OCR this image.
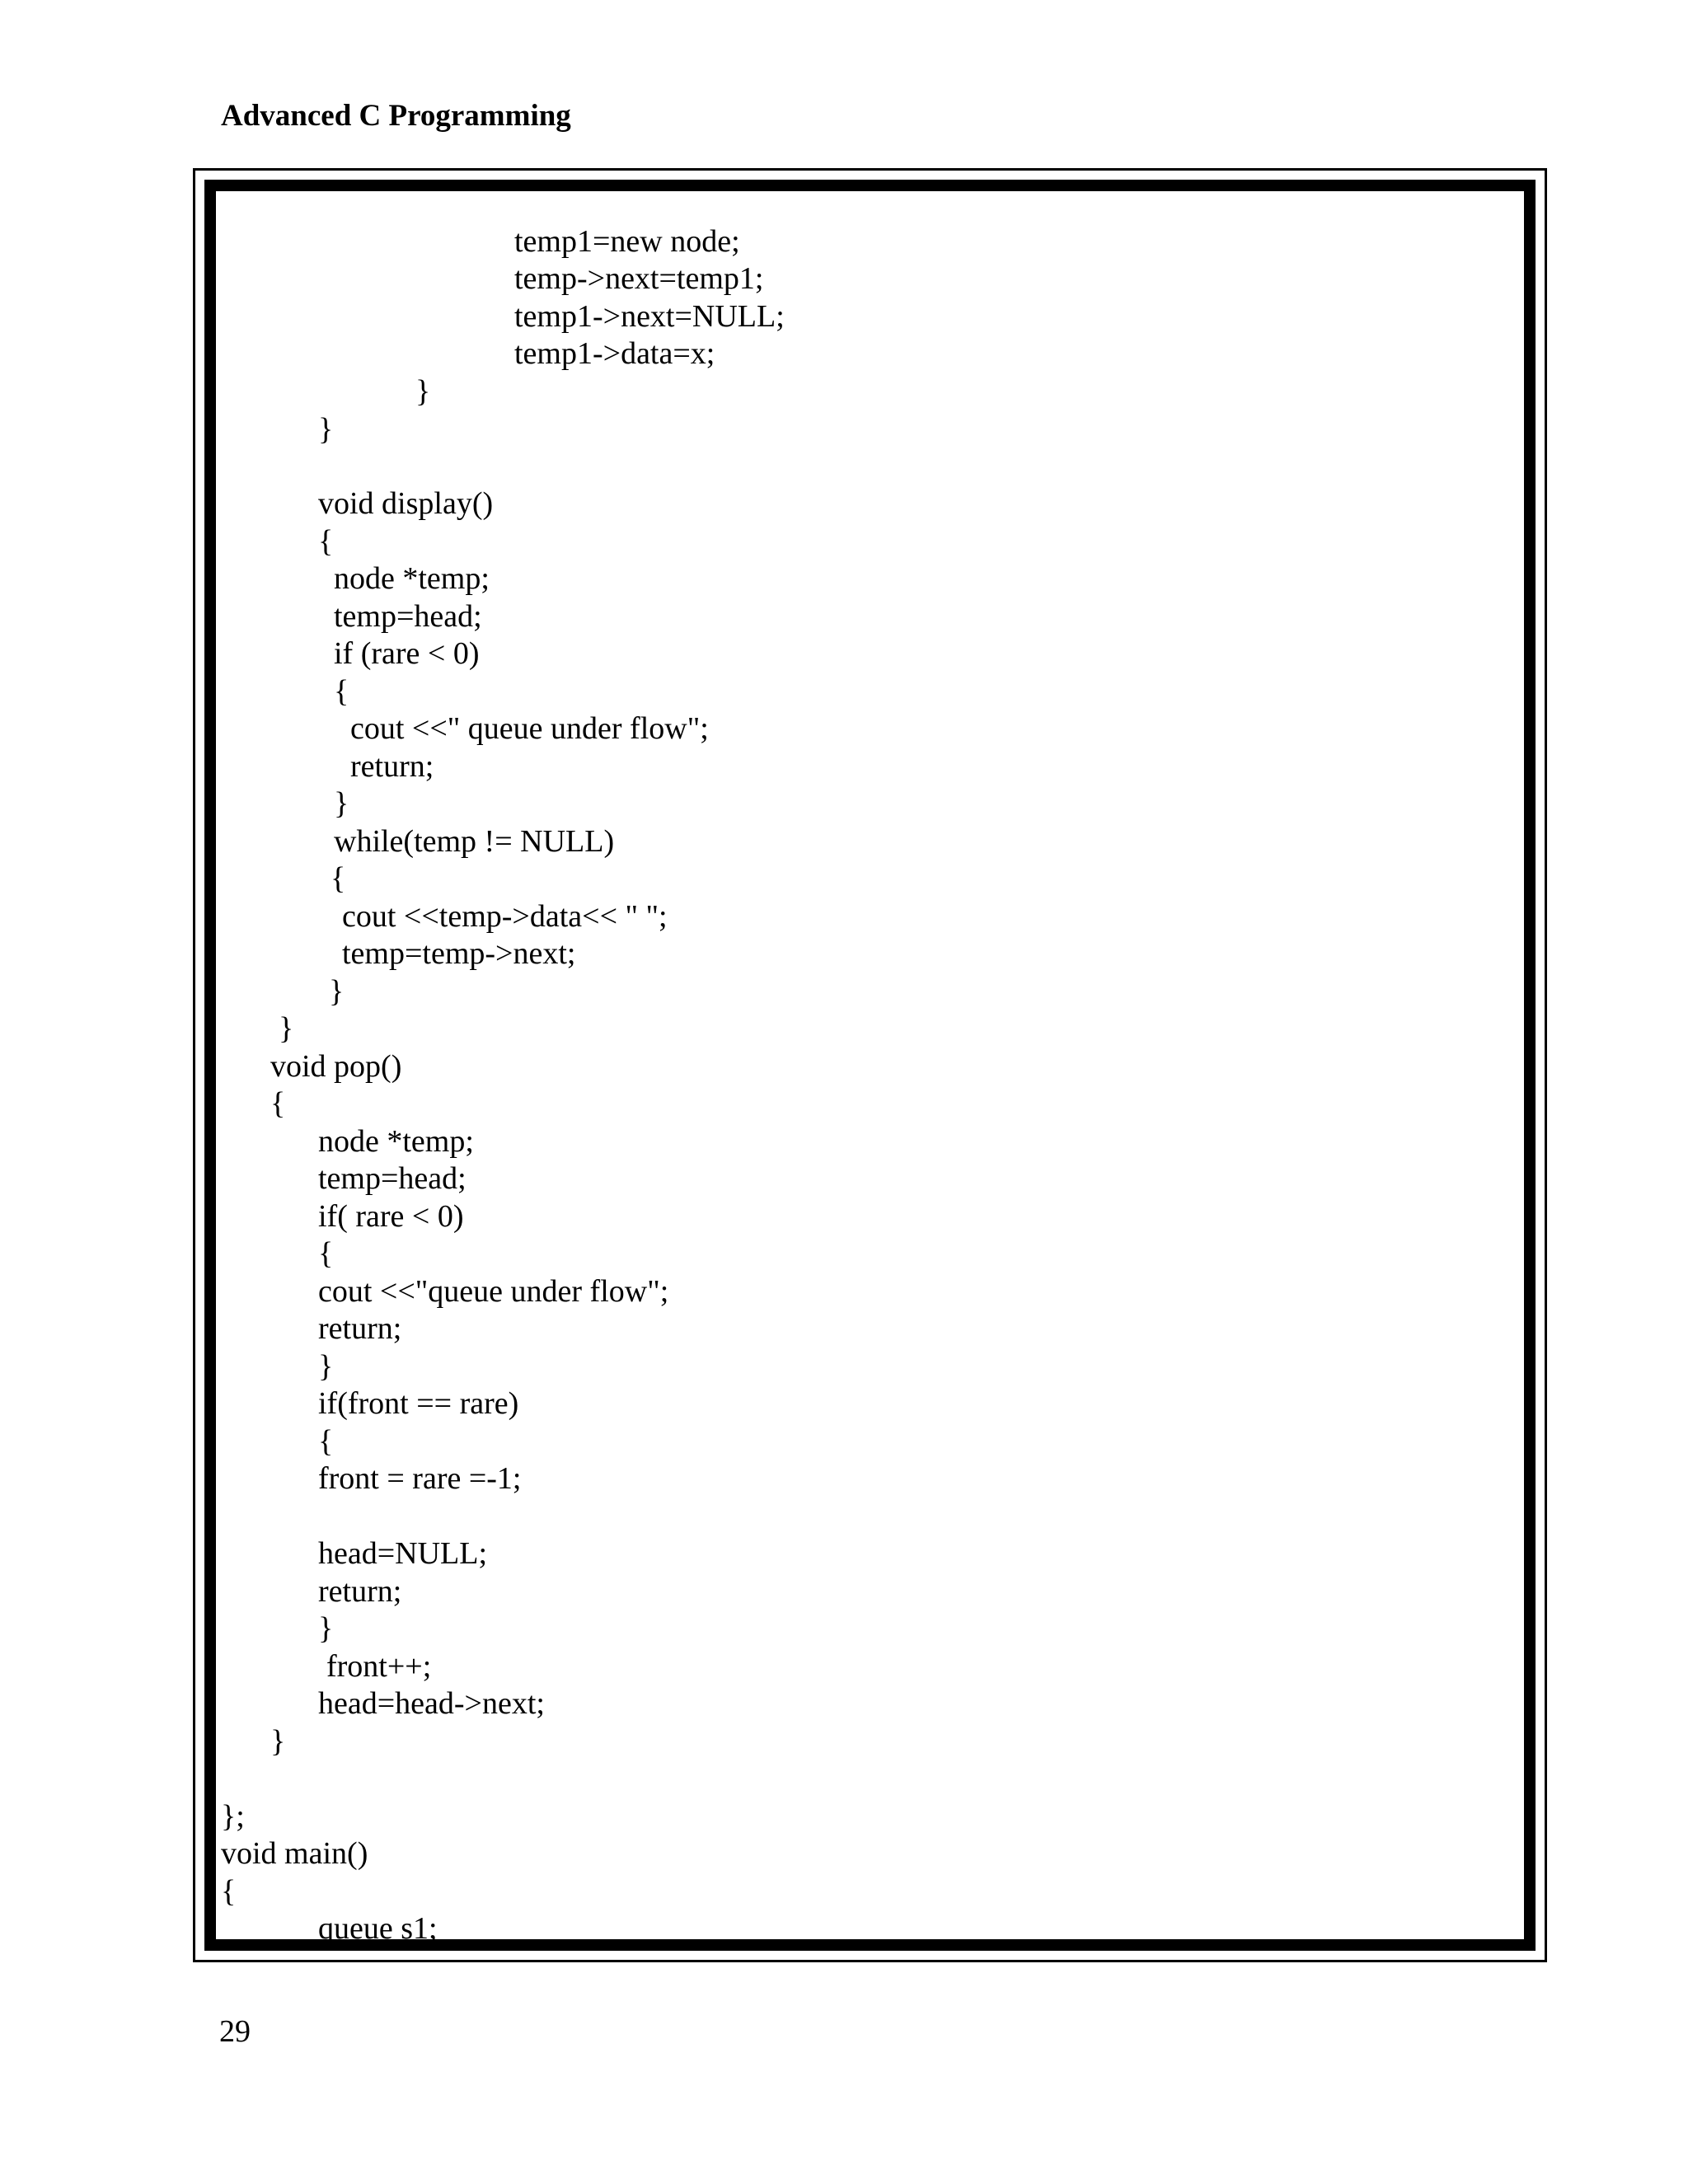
Advanced C Programming
temp1=new node;
temp->next=temp1;
temp1->next=NULL;
temp1->data=x;
}
}
void display()
{
node *temp;
temp=head;
if (rare < 0)
{
cout <<" queue under flow";
return;
}
while(temp != NULL)
{
cout <<temp->data<< " ";
temp=temp->next;
}
}
void pop()
{
node *temp;
temp=head;
if( rare < 0)
{
cout <<"queue under flow";
return;
}
if(front == rare)
{
front = rare =-1;
head=NULL;
return;
}
front++;
head=head->next;
}
};
void main()
{
queue s1;
29
